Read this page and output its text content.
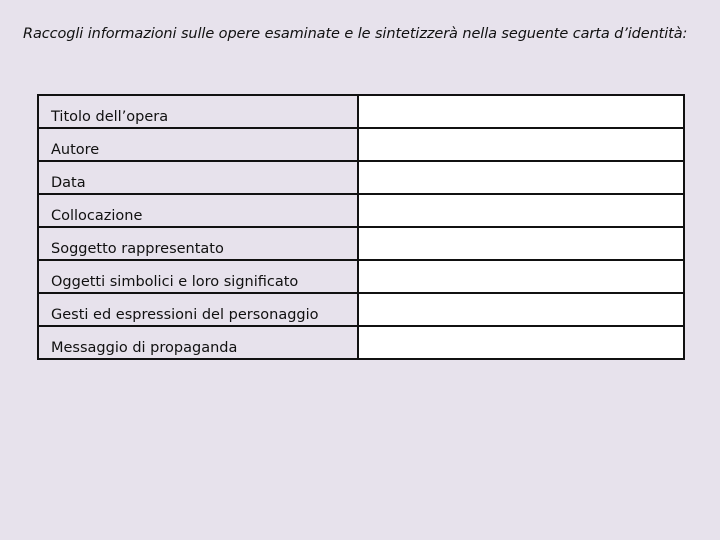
Raccogli informazioni sulle opere esaminate e le sintetizzerà nella seguente carta d’identità:
Titolo dell’opera	
Autore	
Data	
Collocazione	
Soggetto rappresentato	
Oggetti simbolici e loro significato	
Gesti ed espressioni del personaggio	
Messaggio di propaganda	
